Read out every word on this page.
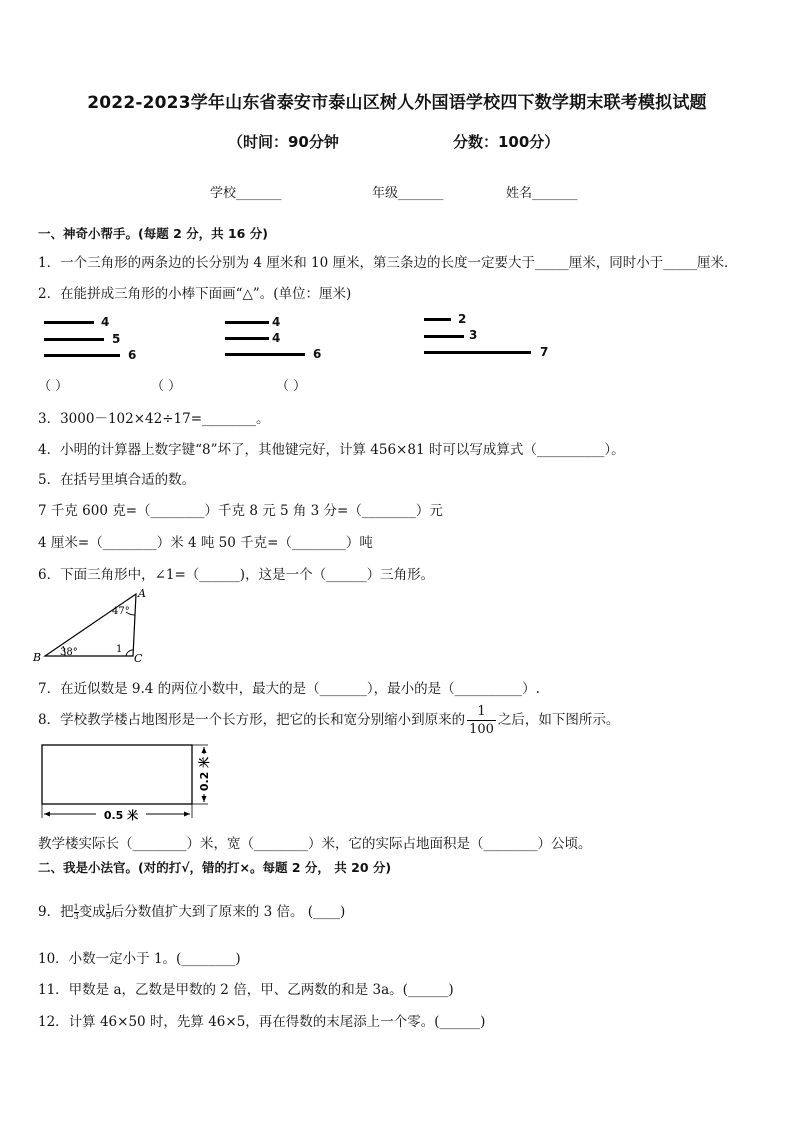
2022-2023学年山东省泰安市泰山区树人外国语学校四下数学期末联考模拟试题
（时间：90分钟	分数：100分）
学校_______	年级_______	姓名_______
一、神奇小帮手。(每题 2 分，共 16 分)
1．一个三角形的两条边的长分别为 4 厘米和 10 厘米，第三条边的长度一定要大于_____厘米，同时小于_____厘米．
2．在能拼成三角形的小棒下面画“△”。(单位：厘米)
4
5
6
4
4
6
2
3
7
（ ）	（ ）	（ ）
3．3000－102×42÷17=________。
4．小明的计算器上数字键“8”坏了，其他键完好，计算 456×81 时可以写成算式（__________）。
5．在括号里填合适的数。
7 千克 600 克=（________）千克 8 元 5 角 3 分=（________）元
4 厘米=（________）米 4 吨 50 千克=（________）吨
6．下面三角形中，∠1=（______)，这是一个（______）三角形。
A
B	C
47°
38°	1
7．在近似数是 9.4 的两位小数中，最大的是（_______），最小的是（__________）.
8．学校教学楼占地图形是一个长方形，把它的长和宽分别缩小到原来的 $\frac{1}{100}$ 之后，如下图所示。
0.5 米
0.2 米
教学楼实际长（________）米，宽（________）米，它的实际占地面积是（________）公顷。
二、我是小法官。(对的打√，错的打×。每题 2 分， 共 20 分)
9．把 $\frac{1}{3}$变成 $\frac{1}{9}$后分数值扩大到了原来的 3 倍。 (____)
10．小数一定小于 1。(________)
11．甲数是 a，乙数是甲数的 2 倍，甲、乙两数的和是 3a。(______)
12．计算 46×50 时，先算 46×5，再在得数的末尾添上一个零。(______)
